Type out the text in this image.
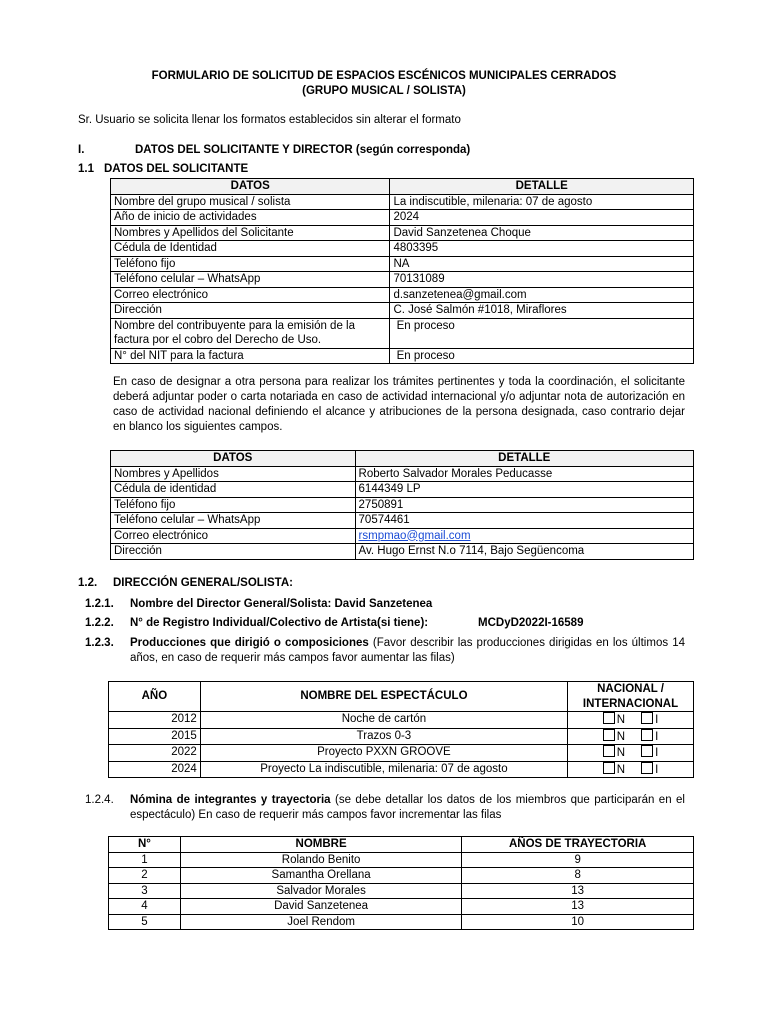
FORMULARIO DE SOLICITUD DE ESPACIOS ESCÉNICOS MUNICIPALES CERRADOS
(GRUPO MUSICAL / SOLISTA)
Sr. Usuario se solicita llenar los formatos establecidos sin alterar el formato
I.	DATOS DEL SOLICITANTE Y DIRECTOR (según corresponda)
1.1 DATOS DEL SOLICITANTE
DATOS	DETALLE
Nombre del grupo musical / solista	La indiscutible, milenaria: 07 de agosto
Año de inicio de actividades	2024
Nombres y Apellidos del Solicitante	David Sanzetenea Choque
Cédula de Identidad	4803395
Teléfono fijo	NA
Teléfono celular – WhatsApp	70131089
Correo electrónico	d.sanzetenea@gmail.com
Dirección	C. José Salmón #1018, Miraflores
Nombre del contribuyente para la emisión de la factura por el cobro del Derecho de Uso.	En proceso
N° del NIT para la factura	En proceso
En caso de designar a otra persona para realizar los trámites pertinentes y toda la coordinación, el solicitante deberá adjuntar poder o carta notariada en caso de actividad internacional y/o adjuntar nota de autorización en caso de actividad nacional definiendo el alcance y atribuciones de la persona designada, caso contrario dejar en blanco los siguientes campos.
DATOS	DETALLE
Nombres y Apellidos	Roberto Salvador Morales Peducasse
Cédula de identidad	6144349 LP
Teléfono fijo	2750891
Teléfono celular – WhatsApp	70574461
Correo electrónico	rsmpmao@gmail.com
Dirección	Av. Hugo Ernst N.o 7114, Bajo Següencoma
1.2. DIRECCIÓN GENERAL/SOLISTA:
1.2.1. Nombre del Director General/Solista: David Sanzetenea
1.2.2. N° de Registro Individual/Colectivo de Artista(si tiene):	MCDyD2022I-16589
1.2.3. Producciones que dirigió o composiciones (Favor describir las producciones dirigidas en los últimos 14 años, en caso de requerir más campos favor aumentar las filas)
AÑO	NOMBRE DEL ESPECTÁCULO	NACIONAL / INTERNACIONAL
2012	Noche de cartón	N I
2015	Trazos 0-3	N I
2022	Proyecto PXXN GROOVE	N I
2024	Proyecto La indiscutible, milenaria: 07 de agosto	N I
1.2.4. Nómina de integrantes y trayectoria (se debe detallar los datos de los miembros que participarán en el espectáculo) En caso de requerir más campos favor incrementar las filas
N°	NOMBRE	AÑOS DE TRAYECTORIA
1	Rolando Benito	9
2	Samantha Orellana	8
3	Salvador Morales	13
4	David Sanzetenea	13
5	Joel Rendom	10
